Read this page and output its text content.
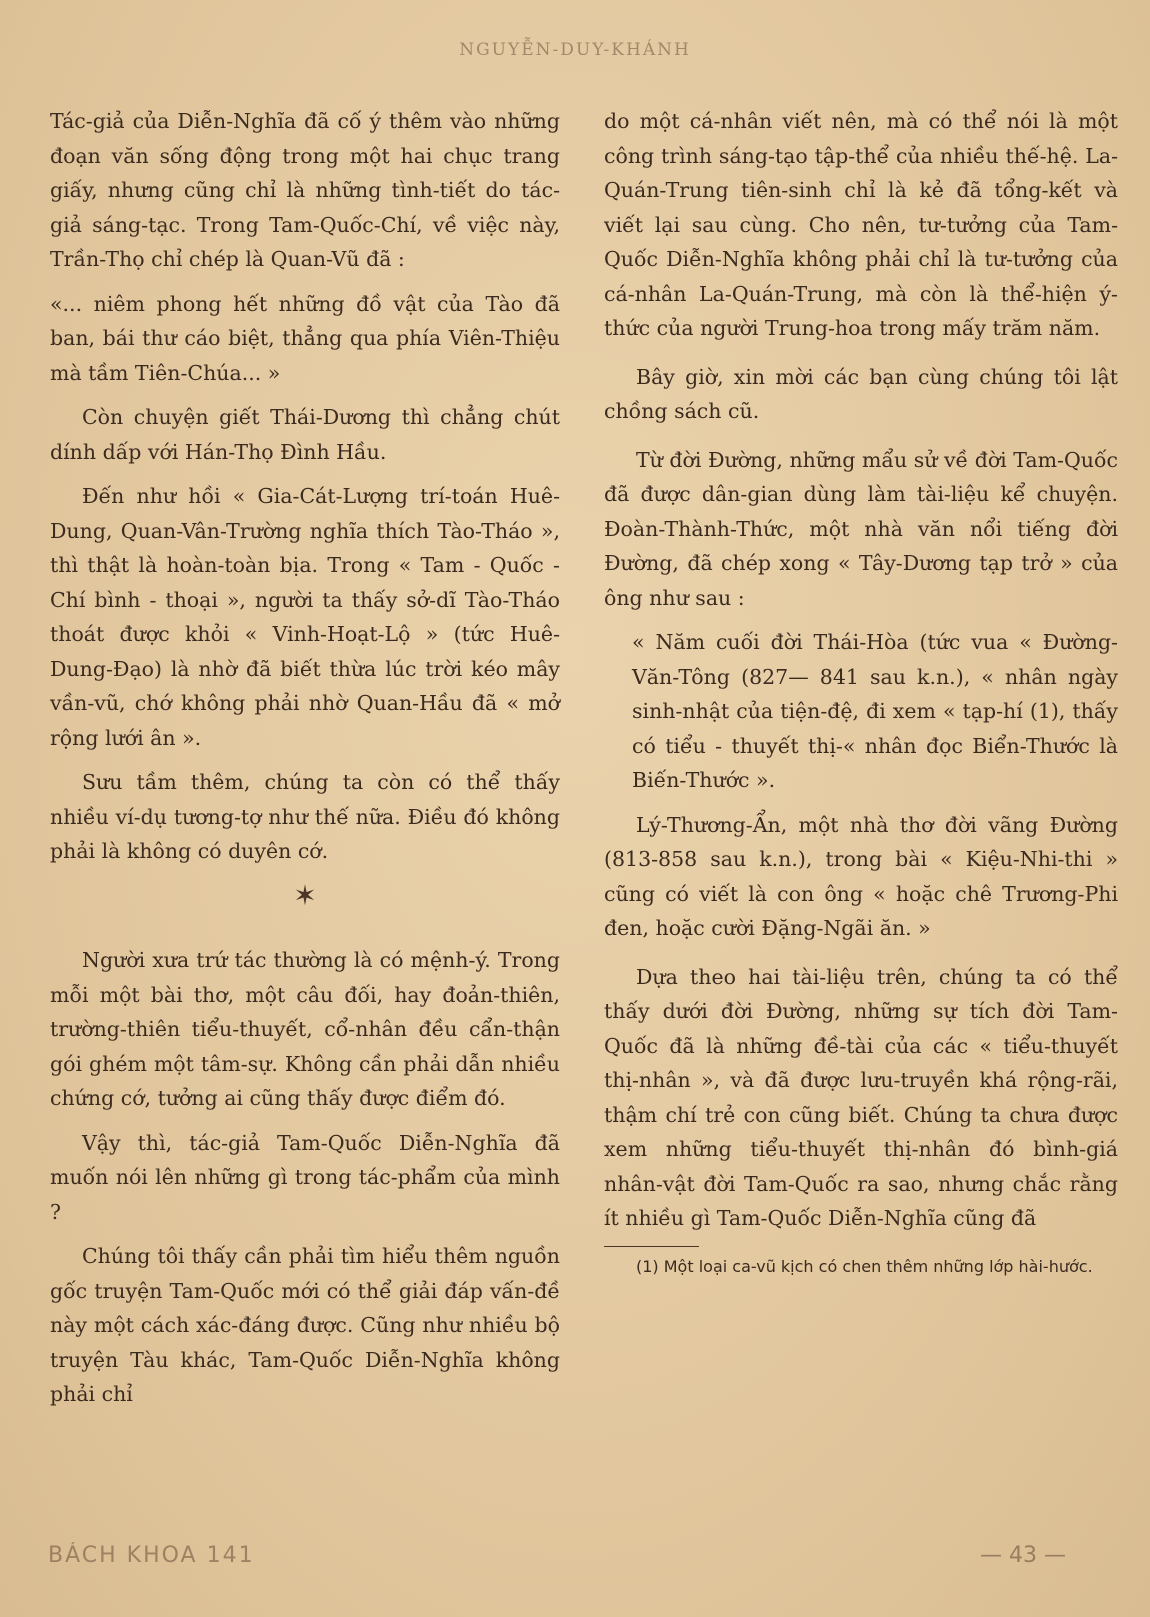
NGUYỄN-DUY-KHÁNH

Tác-giả của Diễn-Nghĩa đã cố ý thêm vào những đoạn văn sống động trong một hai chục trang giấy, nhưng cũng chỉ là những tình-tiết do tác-giả sáng-tạc. Trong Tam-Quốc-Chí, về việc này, Trần-Thọ chỉ chép là Quan-Vũ đã :

«... niêm phong hết những đồ vật của Tào đã ban, bái thư cáo biệt, thẳng qua phía Viên-Thiệu mà tầm Tiên-Chúa... »

Còn chuyện giết Thái-Dương thì chẳng chút dính dấp với Hán-Thọ Đình Hầu.

Đến như hồi « Gia-Cát-Lượng trí-toán Huê-Dung, Quan-Vân-Trường nghĩa thích Tào-Tháo », thì thật là hoàn-toàn bịa. Trong « Tam - Quốc - Chí bình - thoại », người ta thấy sở-dĩ Tào-Tháo thoát được khỏi « Vinh-Hoạt-Lộ » (tức Huê-Dung-Đạo) là nhờ đã biết thừa lúc trời kéo mây vần-vũ, chớ không phải nhờ Quan-Hầu đã « mở rộng lưới ân ».

Sưu tầm thêm, chúng ta còn có thể thấy nhiều ví-dụ tương-tợ như thế nữa. Điều đó không phải là không có duyên cớ.

✶

Người xưa trứ tác thường là có mệnh-ý. Trong mỗi một bài thơ, một câu đối, hay đoản-thiên, trường-thiên tiểu-thuyết, cổ-nhân đều cẩn-thận gói ghém một tâm-sự. Không cần phải dẫn nhiều chứng cớ, tưởng ai cũng thấy được điểm đó.

Vậy thì, tác-giả Tam-Quốc Diễn-Nghĩa đã muốn nói lên những gì trong tác-phẩm của mình ?

Chúng tôi thấy cần phải tìm hiểu thêm nguồn gốc truyện Tam-Quốc mới có thể giải đáp vấn-đề này một cách xác-đáng được. Cũng như nhiều bộ truyện Tàu khác, Tam-Quốc Diễn-Nghĩa không phải chỉ

do một cá-nhân viết nên, mà có thể nói là một công trình sáng-tạo tập-thể của nhiều thế-hệ. La-Quán-Trung tiên-sinh chỉ là kẻ đã tổng-kết và viết lại sau cùng. Cho nên, tư-tưởng của Tam-Quốc Diễn-Nghĩa không phải chỉ là tư-tưởng của cá-nhân La-Quán-Trung, mà còn là thể-hiện ý-thức của người Trung-hoa trong mấy trăm năm.

Bây giờ, xin mời các bạn cùng chúng tôi lật chồng sách cũ.

Từ đời Đường, những mẩu sử về đời Tam-Quốc đã được dân-gian dùng làm tài-liệu kể chuyện. Đoàn-Thành-Thức, một nhà văn nổi tiếng đời Đường, đã chép xong « Tây-Dương tạp trở » của ông như sau :

« Năm cuối đời Thái-Hòa (tức vua « Đường-Văn-Tông (827— 841 sau k.n.), « nhân ngày sinh-nhật của tiện-đệ, đi xem « tạp-hí (1), thấy có tiểu - thuyết thị-« nhân đọc Biển-Thước là Biến-Thước ».

Lý-Thương-Ẩn, một nhà thơ đời vãng Đường (813-858 sau k.n.), trong bài « Kiệu-Nhi-thi » cũng có viết là con ông « hoặc chê Trương-Phi đen, hoặc cười Đặng-Ngãi ăn. »

Dựa theo hai tài-liệu trên, chúng ta có thể thấy dưới đời Đường, những sự tích đời Tam-Quốc đã là những đề-tài của các « tiểu-thuyết thị-nhân », và đã được lưu-truyền khá rộng-rãi, thậm chí trẻ con cũng biết. Chúng ta chưa được xem những tiểu-thuyết thị-nhân đó bình-giá nhân-vật đời Tam-Quốc ra sao, nhưng chắc rằng ít nhiều gì Tam-Quốc Diễn-Nghĩa cũng đã

(1) Một loại ca-vũ kịch có chen thêm những lớp hài-hước.

BÁCH KHOA 141	— 43 —
